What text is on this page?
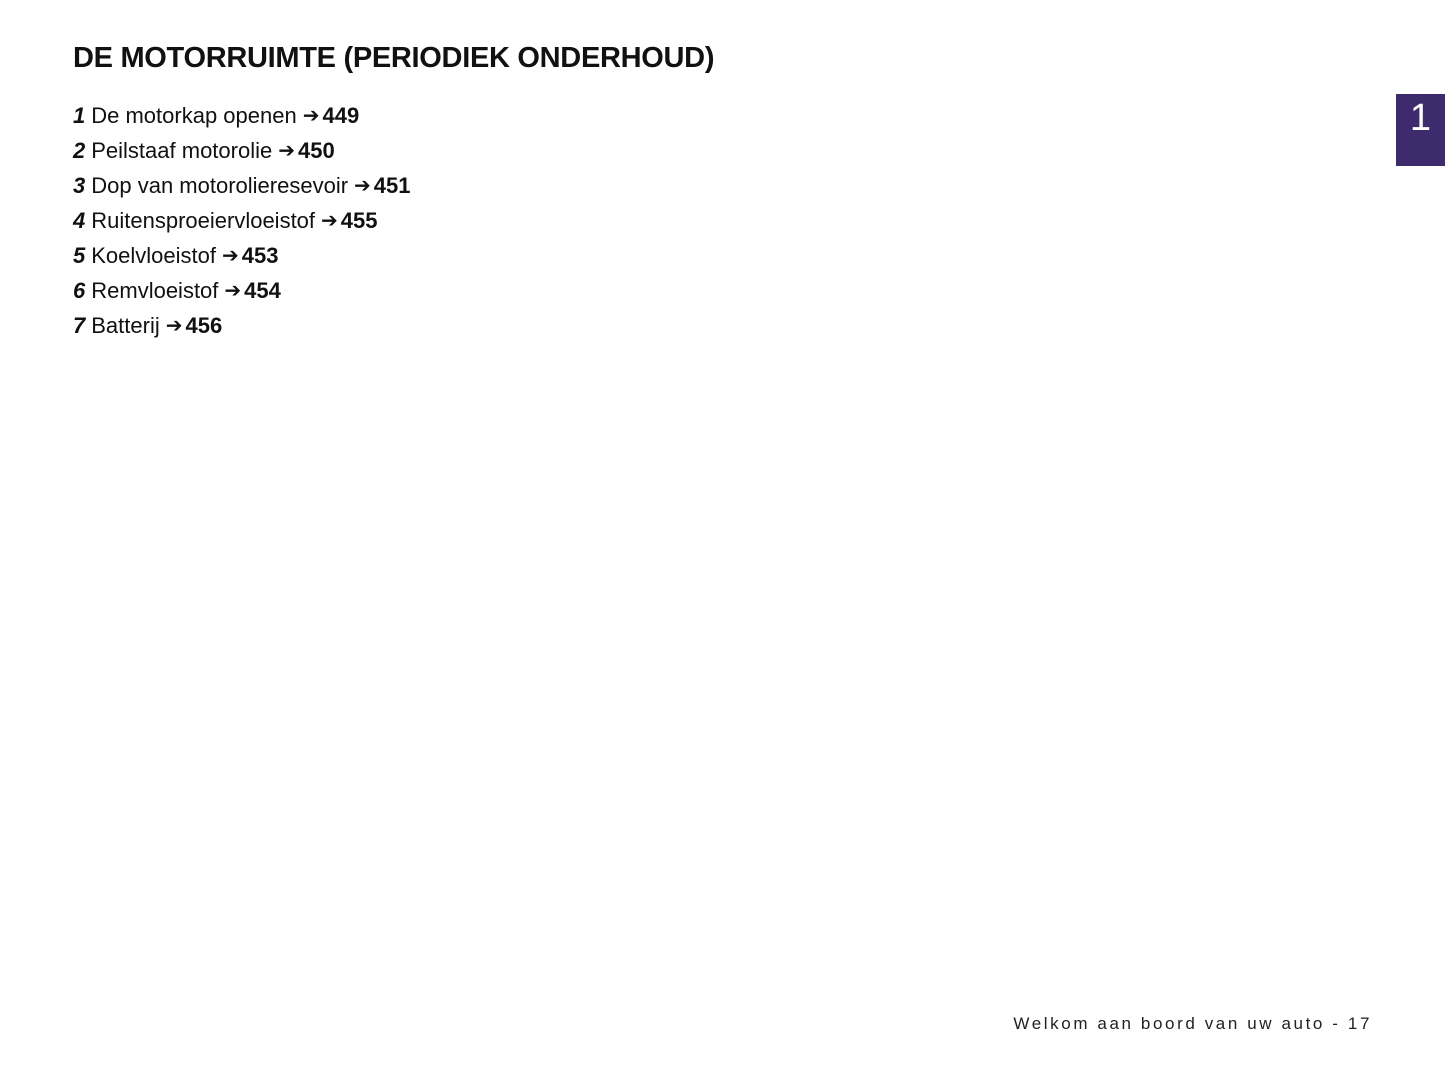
DE MOTORRUIMTE (PERIODIEK ONDERHOUD)
1 De motorkap openen ➔ 449
2 Peilstaaf motorolie ➔ 450
3 Dop van motorolieresevoir ➔ 451
4 Ruitensproeiervloeistof ➔ 455
5 Koelvloeistof ➔ 453
6 Remvloeistof ➔ 454
7 Batterij ➔ 456
1
Welkom aan boord van uw auto - 17
